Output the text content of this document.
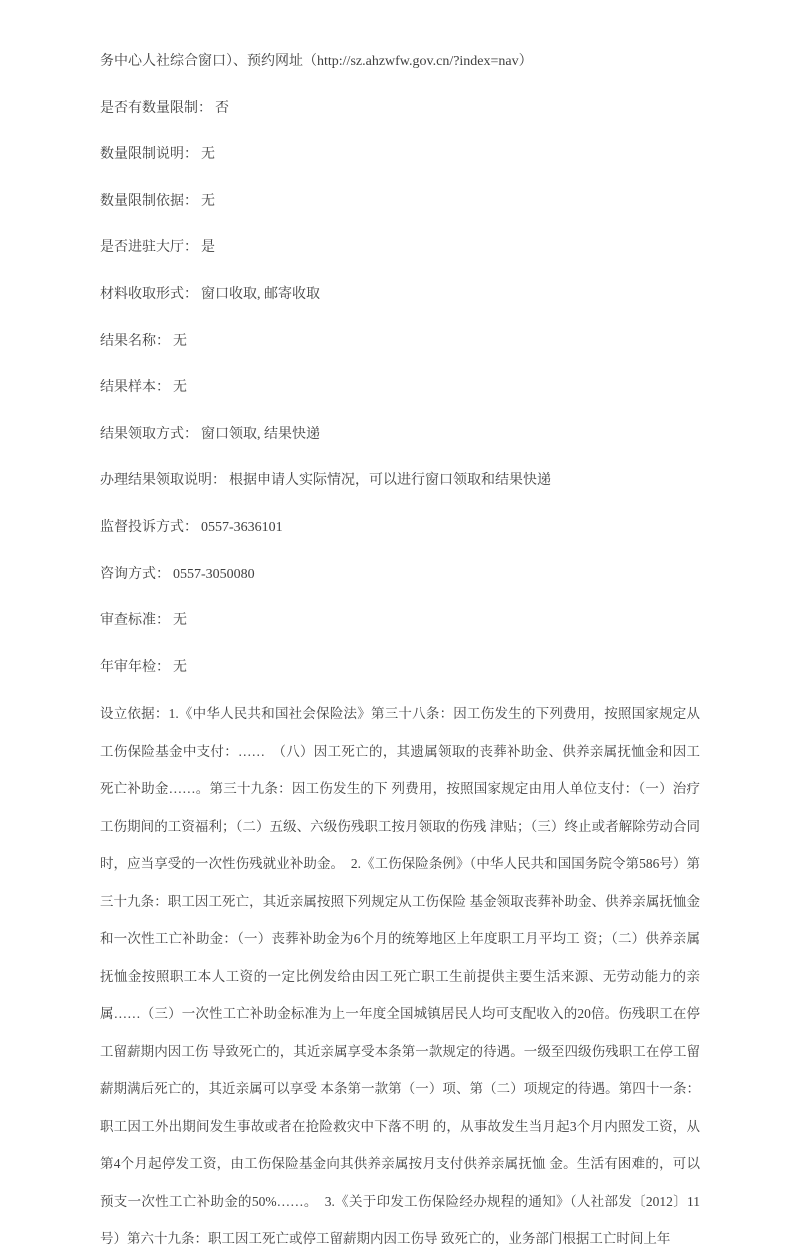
务中心人社综合窗口）、预约网址（http://sz.ahzwfw.gov.cn/?index=nav）
是否有数量限制： 否
数量限制说明： 无
数量限制依据： 无
是否进驻大厅： 是
材料收取形式： 窗口收取, 邮寄收取
结果名称： 无
结果样本： 无
结果领取方式： 窗口领取, 结果快递
办理结果领取说明： 根据申请人实际情况，可以进行窗口领取和结果快递
监督投诉方式： 0557-3636101
咨询方式： 0557-3050080
审查标准： 无
年审年检： 无

设立依据：1.《中华人民共和国社会保险法》第三十八条：因工伤发生的下列费用，按照国家规定从工伤保险基金中支付：……　（八）因工死亡的，其遗属领取的丧葬补助金、供养亲属抚恤金和因工死亡补助金……。第三十九条：因工伤发生的下 列费用，按照国家规定由用人单位支付：（一）治疗工伤期间的工资福利；（二）五级、六级伤残职工按月领取的伤残 津贴；（三）终止或者解除劳动合同时，应当享受的一次性伤残就业补助金。　2.《工伤保险条例》（中华人民共和国国务院令第586号）第三十九条：职工因工死亡，其近亲属按照下列规定从工伤保险 基金领取丧葬补助金、供养亲属抚恤金和一次性工亡补助金：（一）丧葬补助金为6个月的统筹地区上年度职工月平均工 资；（二）供养亲属抚恤金按照职工本人工资的一定比例发给由因工死亡职工生前提供主要生活来源、无劳动能力的亲 属……（三）一次性工亡补助金标准为上一年度全国城镇居民人均可支配收入的20倍。伤残职工在停工留薪期内因工伤 导致死亡的，其近亲属享受本条第一款规定的待遇。一级至四级伤残职工在停工留薪期满后死亡的，其近亲属可以享受 本条第一款第（一）项、第（二）项规定的待遇。第四十一条：职工因工外出期间发生事故或者在抢险救灾中下落不明 的，从事故发生当月起3个月内照发工资，从第4个月起停发工资，由工伤保险基金向其供养亲属按月支付供养亲属抚恤 金。生活有困难的，可以预支一次性工亡补助金的50%……。　3.《关于印发工伤保险经办规程的通知》（人社部发〔2012〕11号）第六十九条：职工因工死亡或停工留薪期内因工伤导 致死亡的，业务部门根据工亡时间上年
